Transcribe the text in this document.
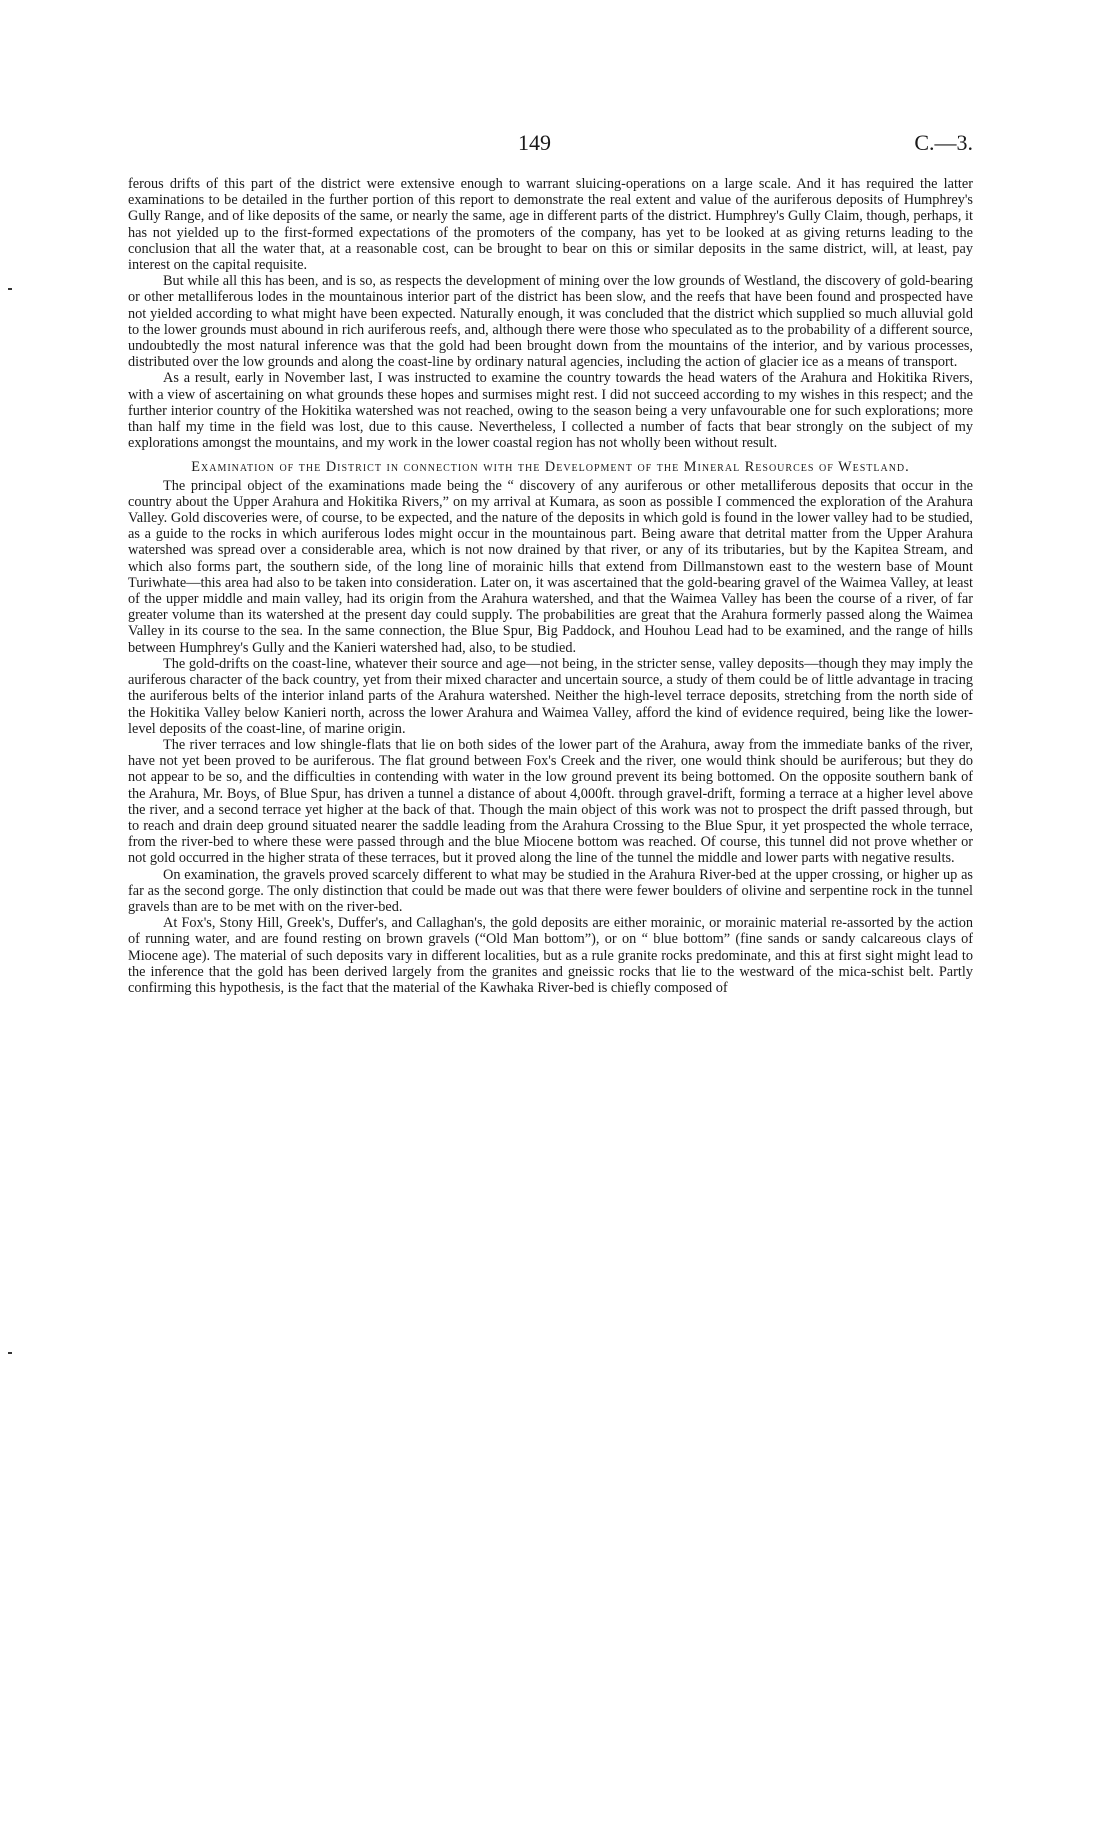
149	C.—3.

ferous drifts of this part of the district were extensive enough to warrant sluicing-operations on a large scale. And it has required the latter examinations to be detailed in the further portion of this report to demonstrate the real extent and value of the auriferous deposits of Humphrey's Gully Range, and of like deposits of the same, or nearly the same, age in different parts of the district. Humphrey's Gully Claim, though, perhaps, it has not yielded up to the first-formed expectations of the promoters of the company, has yet to be looked at as giving returns leading to the conclusion that all the water that, at a reasonable cost, can be brought to bear on this or similar deposits in the same district, will, at least, pay interest on the capital requisite.

But while all this has been, and is so, as respects the development of mining over the low grounds of Westland, the discovery of gold-bearing or other metalliferous lodes in the mountainous interior part of the district has been slow, and the reefs that have been found and prospected have not yielded according to what might have been expected. Naturally enough, it was concluded that the district which supplied so much alluvial gold to the lower grounds must abound in rich auriferous reefs, and, although there were those who speculated as to the probability of a different source, undoubtedly the most natural inference was that the gold had been brought down from the mountains of the interior, and by various processes, distributed over the low grounds and along the coast-line by ordinary natural agencies, including the action of glacier ice as a means of transport.

As a result, early in November last, I was instructed to examine the country towards the head waters of the Arahura and Hokitika Rivers, with a view of ascertaining on what grounds these hopes and surmises might rest. I did not succeed according to my wishes in this respect; and the further interior country of the Hokitika watershed was not reached, owing to the season being a very unfavourable one for such explorations; more than half my time in the field was lost, due to this cause. Nevertheless, I collected a number of facts that bear strongly on the subject of my explorations amongst the mountains, and my work in the lower coastal region has not wholly been without result.

Examination of the District in connection with the Development of the Mineral Resources of Westland.

The principal object of the examinations made being the “ discovery of any auriferous or other metalliferous deposits that occur in the country about the Upper Arahura and Hokitika Rivers,” on my arrival at Kumara, as soon as possible I commenced the exploration of the Arahura Valley. Gold discoveries were, of course, to be expected, and the nature of the deposits in which gold is found in the lower valley had to be studied, as a guide to the rocks in which auriferous lodes might occur in the mountainous part. Being aware that detrital matter from the Upper Arahura watershed was spread over a considerable area, which is not now drained by that river, or any of its tributaries, but by the Kapitea Stream, and which also forms part, the southern side, of the long line of morainic hills that extend from Dillmanstown east to the western base of Mount Turiwhate—this area had also to be taken into consideration. Later on, it was ascertained that the gold-bearing gravel of the Waimea Valley, at least of the upper middle and main valley, had its origin from the Arahura watershed, and that the Waimea Valley has been the course of a river, of far greater volume than its watershed at the present day could supply. The probabilities are great that the Arahura formerly passed along the Waimea Valley in its course to the sea. In the same connection, the Blue Spur, Big Paddock, and Houhou Lead had to be examined, and the range of hills between Humphrey's Gully and the Kanieri watershed had, also, to be studied.

The gold-drifts on the coast-line, whatever their source and age—not being, in the stricter sense, valley deposits—though they may imply the auriferous character of the back country, yet from their mixed character and uncertain source, a study of them could be of little advantage in tracing the auriferous belts of the interior inland parts of the Arahura watershed. Neither the high-level terrace deposits, stretching from the north side of the Hokitika Valley below Kanieri north, across the lower Arahura and Waimea Valley, afford the kind of evidence required, being like the lower-level deposits of the coast-line, of marine origin.

The river terraces and low shingle-flats that lie on both sides of the lower part of the Arahura, away from the immediate banks of the river, have not yet been proved to be auriferous. The flat ground between Fox's Creek and the river, one would think should be auriferous; but they do not appear to be so, and the difficulties in contending with water in the low ground prevent its being bottomed. On the opposite southern bank of the Arahura, Mr. Boys, of Blue Spur, has driven a tunnel a distance of about 4,000ft. through gravel-drift, forming a terrace at a higher level above the river, and a second terrace yet higher at the back of that. Though the main object of this work was not to prospect the drift passed through, but to reach and drain deep ground situated nearer the saddle leading from the Arahura Crossing to the Blue Spur, it yet prospected the whole terrace, from the river-bed to where these were passed through and the blue Miocene bottom was reached. Of course, this tunnel did not prove whether or not gold occurred in the higher strata of these terraces, but it proved along the line of the tunnel the middle and lower parts with negative results.

On examination, the gravels proved scarcely different to what may be studied in the Arahura River-bed at the upper crossing, or higher up as far as the second gorge. The only distinction that could be made out was that there were fewer boulders of olivine and serpentine rock in the tunnel gravels than are to be met with on the river-bed.

At Fox's, Stony Hill, Greek's, Duffer's, and Callaghan's, the gold deposits are either morainic, or morainic material re-assorted by the action of running water, and are found resting on brown gravels (“Old Man bottom”), or on “ blue bottom” (fine sands or sandy calcareous clays of Miocene age). The material of such deposits vary in different localities, but as a rule granite rocks predominate, and this at first sight might lead to the inference that the gold has been derived largely from the granites and gneissic rocks that lie to the westward of the mica-schist belt. Partly confirming this hypothesis, is the fact that the material of the Kawhaka River-bed is chiefly composed of
